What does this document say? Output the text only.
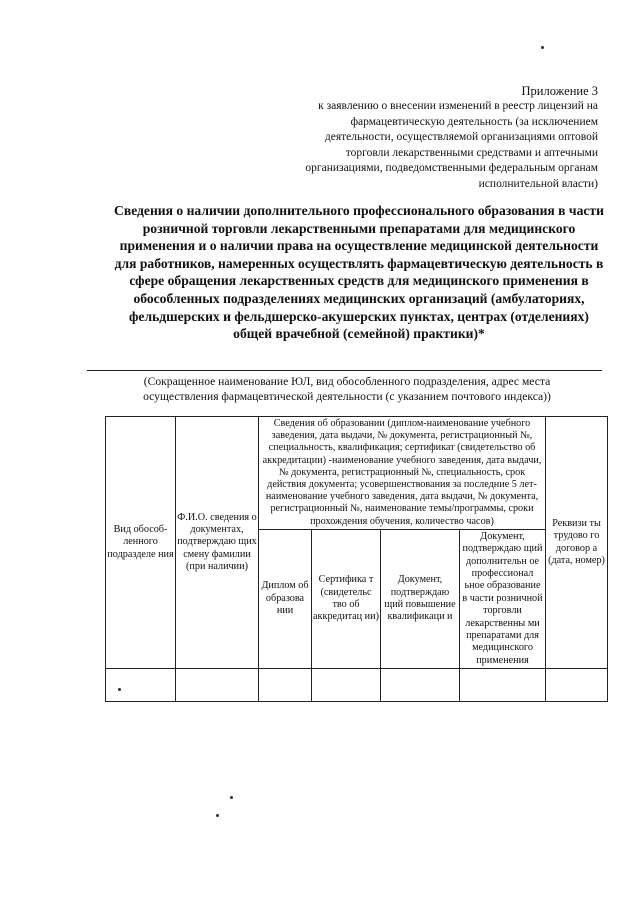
Приложение 3
к заявлению о внесении изменений в реестр лицензий на
фармацевтическую деятельность (за исключением
деятельности, осуществляемой организациями оптовой
торговли лекарственными средствами и аптечными
организациями, подведомственными федеральным органам
исполнительной власти)
Сведения о наличии дополнительного профессионального образования в части розничной торговли лекарственными препаратами для медицинского применения и о наличии права на осуществление медицинской деятельности для работников, намеренных осуществлять фармацевтическую деятельность в сфере обращения лекарственных средств для медицинского применения в обособленных подразделениях медицинских организаций (амбулаториях, фельдшерских и фельдшерско-акушерских пунктах, центрах (отделениях) общей врачебной (семейной) практики)*
(Сокращенное наименование ЮЛ, вид обособленного подразделения, адрес места осуществления фармацевтической деятельности (с указанием почтового индекса))
Вид обособ-ленного подразделе ния	Ф.И.О. сведения о документах, подтверждаю щих смену фамилии (при наличии)	Сведения об образовании (диплом-наименование учебного заведения, дата выдачи, № документа, регистрационный №, специальность, квалификация; сертификат (свидетельство об аккредитации) -наименование учебного заведения, дата выдачи, № документа, регистрационный №, специальность, срок действия документа; усовершенствования за последние 5 лет-наименование учебного заведения, дата выдачи, № документа, регистрационный №, наименование темы/программы, сроки прохождения обучения, количество часов)				Реквизи ты трудово го договор а (дата, номер)
		Диплом об образова нии	Сертифика т (свидетельс тво об аккредитац ии)	Документ, подтверждаю щий повышение квалификаци и	Документ, подтверждаю щий дополнительн ое профессионал ьное образование в части розничной торговли лекарственны ми препаратами для медицинского применения	
